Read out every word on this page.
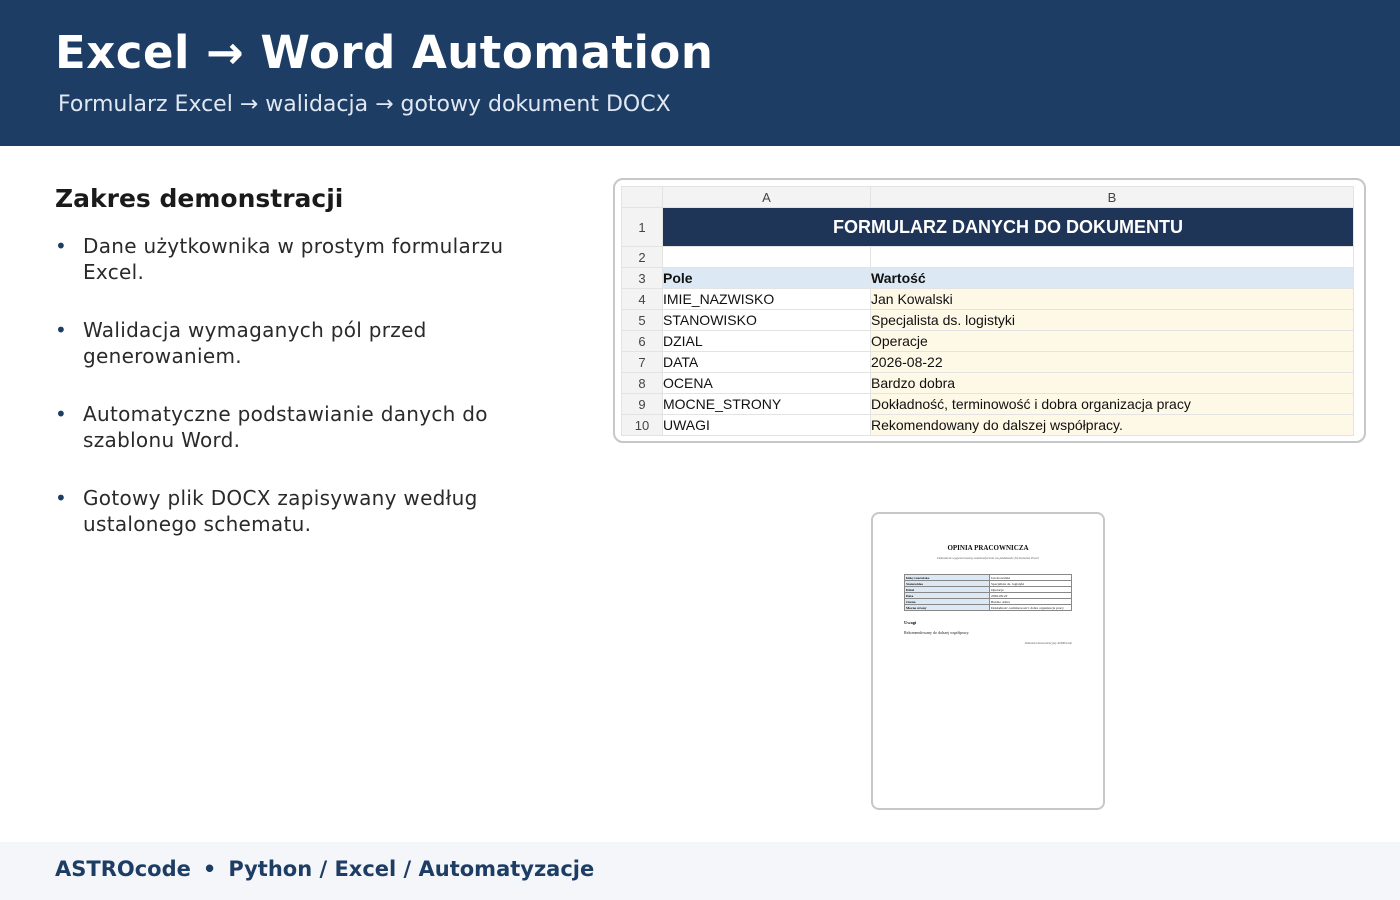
Excel → Word Automation
Formularz Excel → walidacja → gotowy dokument DOCX
Zakres demonstracji
• Dane użytkownika w prostym formularzu Excel.
• Walidacja wymaganych pól przed generowaniem.
• Automatyczne podstawianie danych do szablonu Word.
• Gotowy plik DOCX zapisywany według ustalonego schematu.
	A	B
1	FORMULARZ DANYCH DO DOKUMENTU	
2		
3	Pole	Wartość
4	IMIE_NAZWISKO	Jan Kowalski
5	STANOWISKO	Specjalista ds. logistyki
6	DZIAL	Operacje
7	DATA	2026-08-22
8	OCENA	Bardzo dobra
9	MOCNE_STRONY	Dokładność, terminowość i dobra organizacja pracy
10	UWAGI	Rekomendowany do dalszej współpracy.
OPINIA PRACOWNICZA
Dokument wygenerowany automatycznie na podstawie formularza Excel
Imię i nazwisko	Jan Kowalski
Stanowisko	Specjalista ds. logistyki
Dział	Operacje
Data	2026-08-22
Ocena	Bardzo dobra
Mocne strony	Dokładność, terminowość i dobra organizacja pracy
Uwagi
Rekomendowany do dalszej współpracy.
Dokument demonstracyjny ASTROcode
ASTROcode • Python / Excel / Automatyzacje
